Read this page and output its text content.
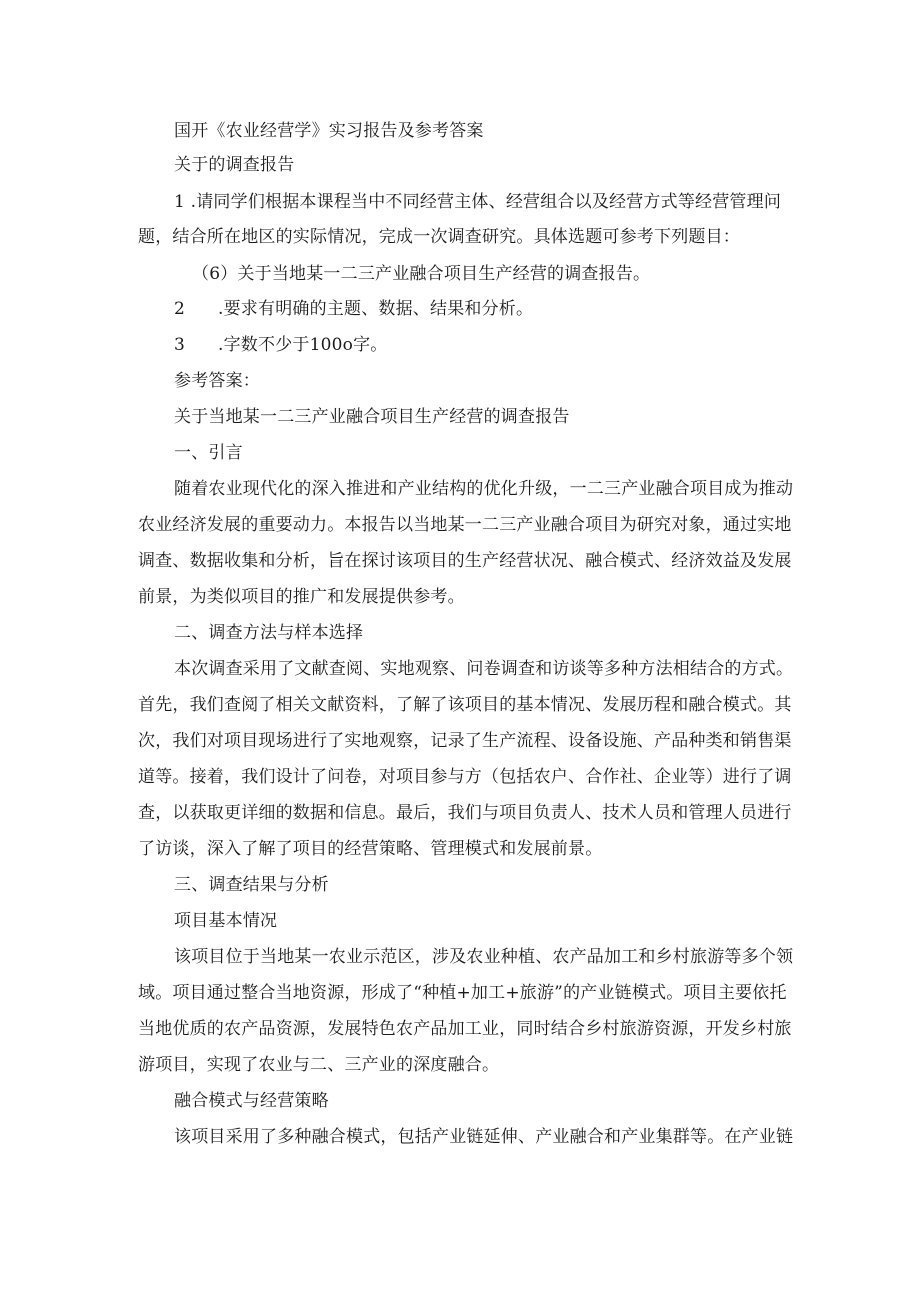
国开《农业经营学》实习报告及参考答案
关于的调查报告
1 .请同学们根据本课程当中不同经营主体、经营组合以及经营方式等经营管理问
题，结合所在地区的实际情况，完成一次调查研究。具体选题可参考下列题目：
（6）关于当地某一二三产业融合项目生产经营的调查报告。
2 .要求有明确的主题、数据、结果和分析。
3 .字数不少于100o字。
参考答案：
关于当地某一二三产业融合项目生产经营的调查报告
一、引言
随着农业现代化的深入推进和产业结构的优化升级，一二三产业融合项目成为推动
农业经济发展的重要动力。本报告以当地某一二三产业融合项目为研究对象，通过实地
调查、数据收集和分析，旨在探讨该项目的生产经营状况、融合模式、经济效益及发展
前景，为类似项目的推广和发展提供参考。
二、调查方法与样本选择
本次调查采用了文献查阅、实地观察、问卷调查和访谈等多种方法相结合的方式。
首先，我们查阅了相关文献资料，了解了该项目的基本情况、发展历程和融合模式。其
次，我们对项目现场进行了实地观察，记录了生产流程、设备设施、产品种类和销售渠
道等。接着，我们设计了问卷，对项目参与方（包括农户、合作社、企业等）进行了调
查，以获取更详细的数据和信息。最后，我们与项目负责人、技术人员和管理人员进行
了访谈，深入了解了项目的经营策略、管理模式和发展前景。
三、调查结果与分析
项目基本情况
该项目位于当地某一农业示范区，涉及农业种植、农产品加工和乡村旅游等多个领
域。项目通过整合当地资源，形成了“种植+加工+旅游”的产业链模式。项目主要依托
当地优质的农产品资源，发展特色农产品加工业，同时结合乡村旅游资源，开发乡村旅
游项目，实现了农业与二、三产业的深度融合。
融合模式与经营策略
该项目采用了多种融合模式，包括产业链延伸、产业融合和产业集群等。在产业链
